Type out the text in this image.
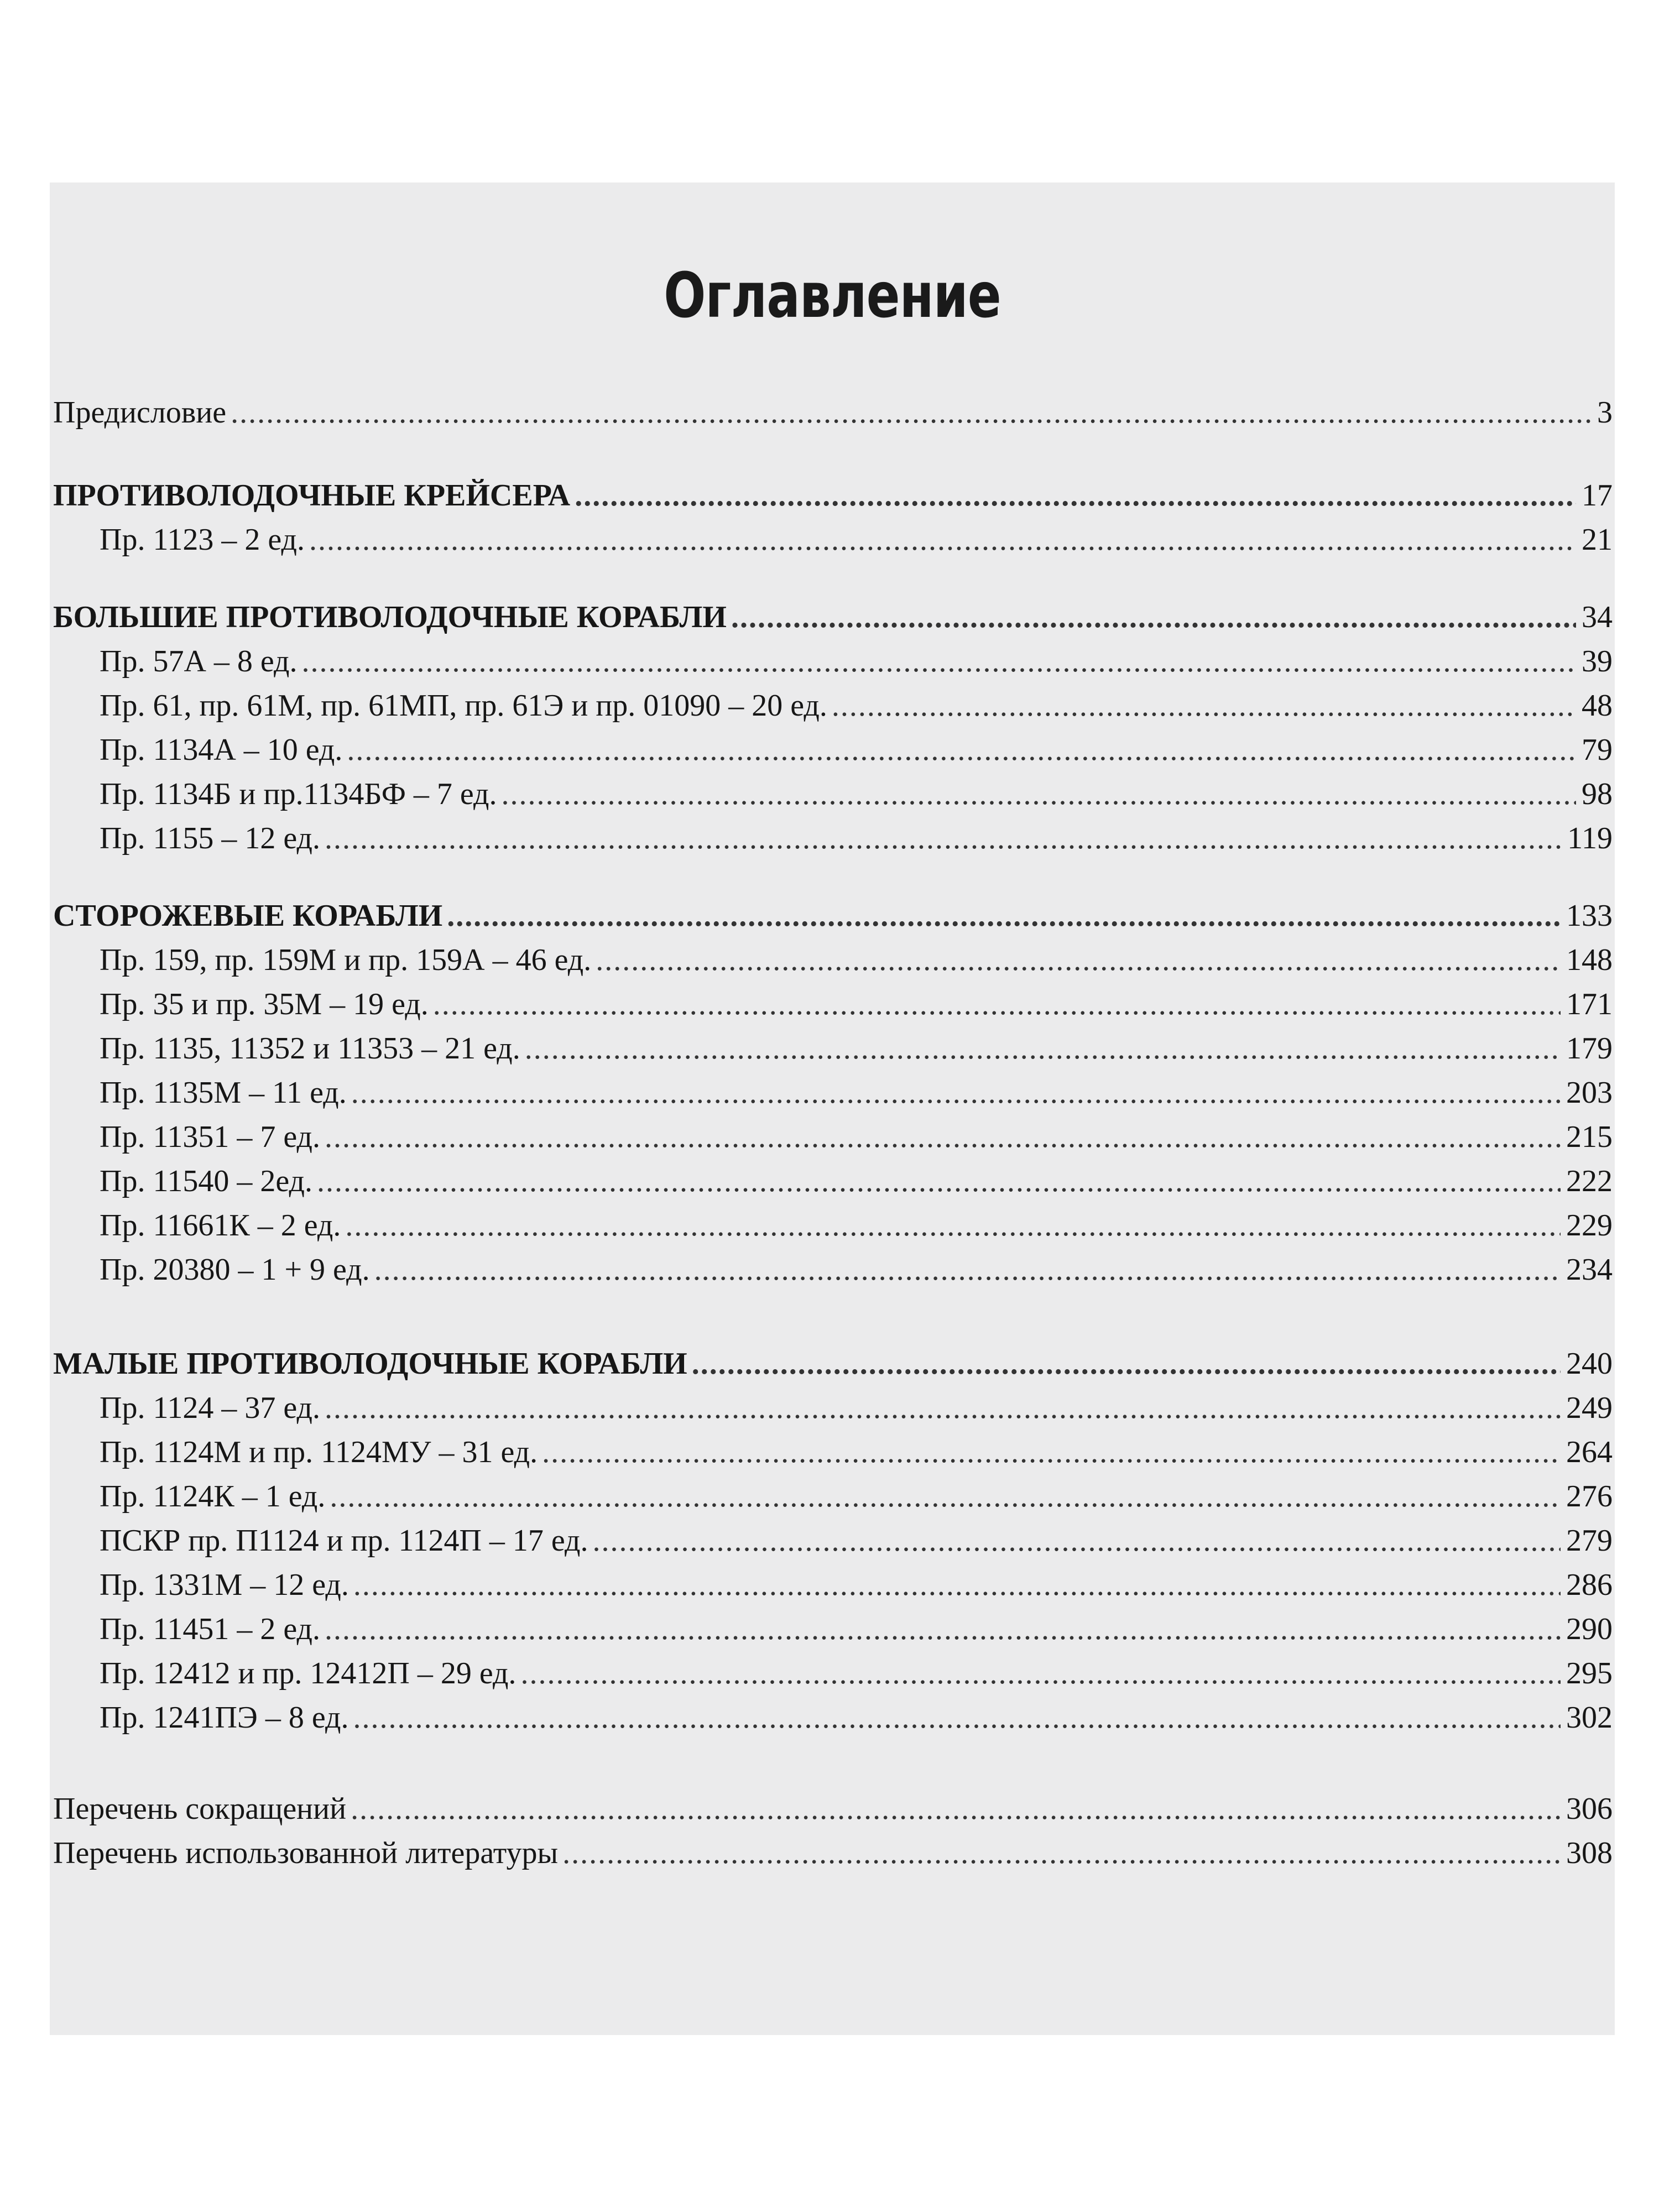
Оглавление
Предисловие .....	3
ПРОТИВОЛОДОЧНЫЕ КРЕЙСЕРА .....	17
Пр. 1123 – 2 ед. .....	21
БОЛЬШИЕ ПРОТИВОЛОДОЧНЫЕ КОРАБЛИ .....	34
Пр. 57А – 8 ед. .....	39
Пр. 61, пр. 61М, пр. 61МП, пр. 61Э и пр. 01090 – 20 ед. .....	48
Пр. 1134А – 10 ед. .....	79
Пр. 1134Б и пр.1134БФ – 7 ед. .....	98
Пр. 1155 – 12 ед. .....	119
СТОРОЖЕВЫЕ КОРАБЛИ .....	133
Пр. 159, пр. 159М и пр. 159А – 46 ед. .....	148
Пр. 35 и пр. 35М – 19 ед. .....	171
Пр. 1135, 11352 и 11353 – 21 ед. .....	179
Пр. 1135М – 11 ед. .....	203
Пр. 11351 – 7 ед. .....	215
Пр. 11540 – 2ед. .....	222
Пр. 11661К – 2 ед. .....	229
Пр. 20380 – 1 + 9 ед. .....	234
МАЛЫЕ ПРОТИВОЛОДОЧНЫЕ КОРАБЛИ .....	240
Пр. 1124 – 37 ед. .....	249
Пр. 1124М и пр. 1124МУ – 31 ед. .....	264
Пр. 1124К – 1 ед. .....	276
ПСКР пр. П1124 и пр. 1124П – 17 ед. .....	279
Пр. 1331М – 12 ед. .....	286
Пр. 11451 – 2 ед. .....	290
Пр. 12412 и пр. 12412П – 29 ед. .....	295
Пр. 1241ПЭ – 8 ед. .....	302
Перечень сокращений .....	306
Перечень использованной литературы .....	308
